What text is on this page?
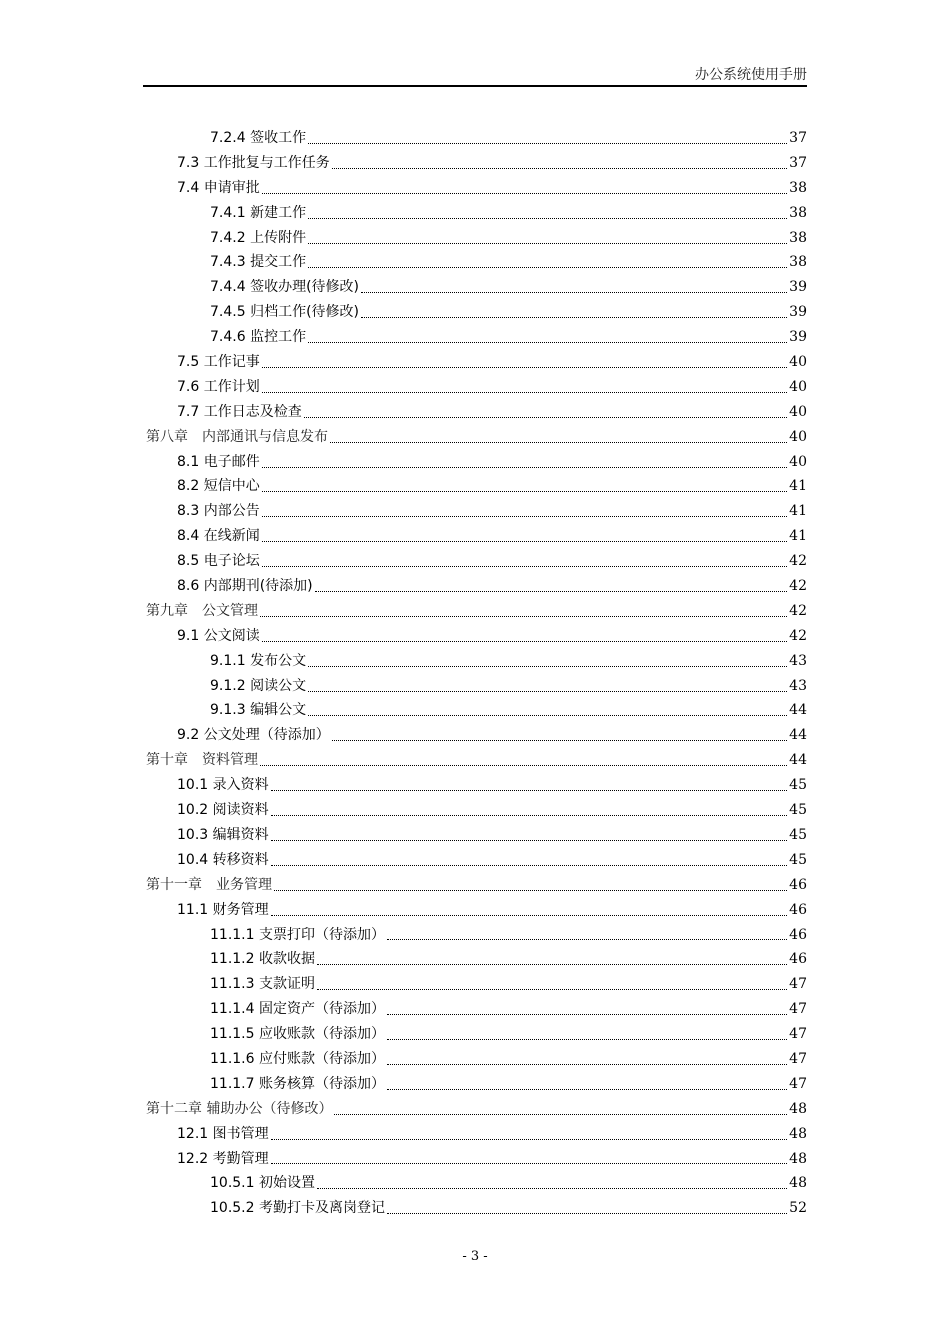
办公系统使用手册
7.2.4 签收工作	37
7.3 工作批复与工作任务	37
7.4 申请审批	38
7.4.1 新建工作	38
7.4.2 上传附件	38
7.4.3 提交工作	38
7.4.4 签收办理(待修改)	39
7.4.5 归档工作(待修改)	39
7.4.6 监控工作	39
7.5 工作记事	40
7.6 工作计划	40
7.7 工作日志及检查	40
第八章　内部通讯与信息发布	40
8.1 电子邮件	40
8.2 短信中心	41
8.3 内部公告	41
8.4 在线新闻	41
8.5 电子论坛	42
8.6 内部期刊(待添加)	42
第九章　公文管理	42
9.1 公文阅读	42
9.1.1 发布公文	43
9.1.2 阅读公文	43
9.1.3 编辑公文	44
9.2 公文处理（待添加）	44
第十章　资料管理	44
10.1 录入资料	45
10.2 阅读资料	45
10.3 编辑资料	45
10.4 转移资料	45
第十一章　业务管理	46
11.1 财务管理	46
11.1.1 支票打印（待添加）	46
11.1.2 收款收据	46
11.1.3 支款证明	47
11.1.4 固定资产（待添加）	47
11.1.5 应收账款（待添加）	47
11.1.6 应付账款（待添加）	47
11.1.7 账务核算（待添加）	47
第十二章 辅助办公（待修改）	48
12.1 图书管理	48
12.2 考勤管理	48
10.5.1 初始设置	48
10.5.2 考勤打卡及离岗登记	52
- 3 -
